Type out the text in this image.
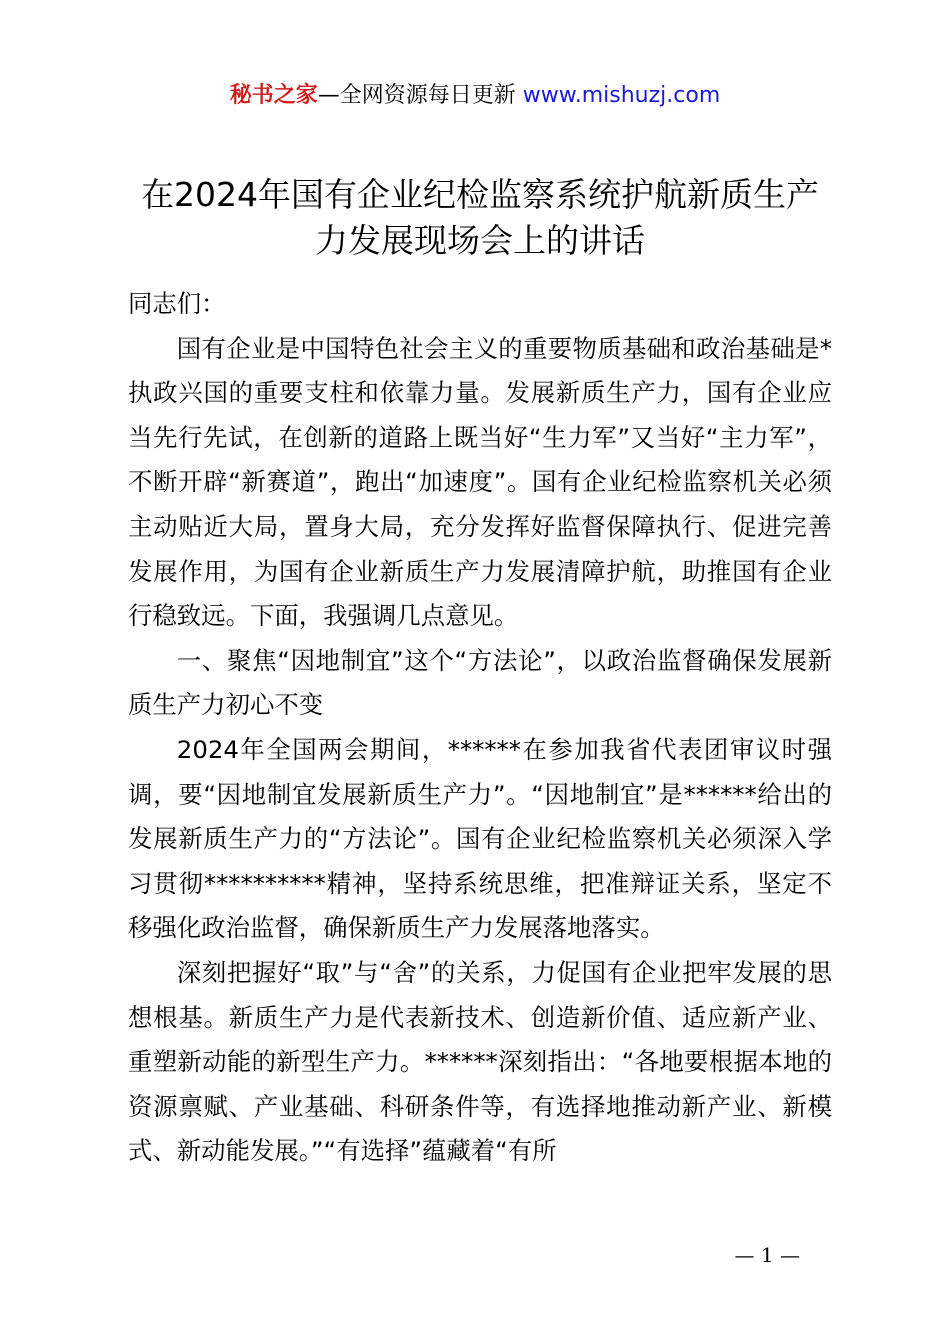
秘书之家—全网资源每日更新 www.mishuzj.com
在2024年国有企业纪检监察系统护航新质生产力发展现场会上的讲话

同志们：

国有企业是中国特色社会主义的重要物质基础和政治基础是*执政兴国的重要支柱和依靠力量。发展新质生产力，国有企业应当先行先试，在创新的道路上既当好“生力军”又当好“主力军”，不断开辟“新赛道”，跑出“加速度”。国有企业纪检监察机关必须主动贴近大局，置身大局，充分发挥好监督保障执行、促进完善发展作用，为国有企业新质生产力发展清障护航，助推国有企业行稳致远。下面，我强调几点意见。

一、聚焦“因地制宜”这个“方法论”，以政治监督确保发展新质生产力初心不变

2024年全国两会期间，******在参加我省代表团审议时强调，要“因地制宜发展新质生产力”。“因地制宜”是******给出的发展新质生产力的“方法论”。国有企业纪检监察机关必须深入学习贯彻**********精神，坚持系统思维，把准辩证关系，坚定不移强化政治监督，确保新质生产力发展落地落实。

深刻把握好“取”与“舍”的关系，力促国有企业把牢发展的思想根基。新质生产力是代表新技术、创造新价值、适应新产业、重塑新动能的新型生产力。******深刻指出：“各地要根据本地的资源禀赋、产业基础、科研条件等，有选择地推动新产业、新模式、新动能发展。”“有选择”蕴藏着“有所

— 1 —
